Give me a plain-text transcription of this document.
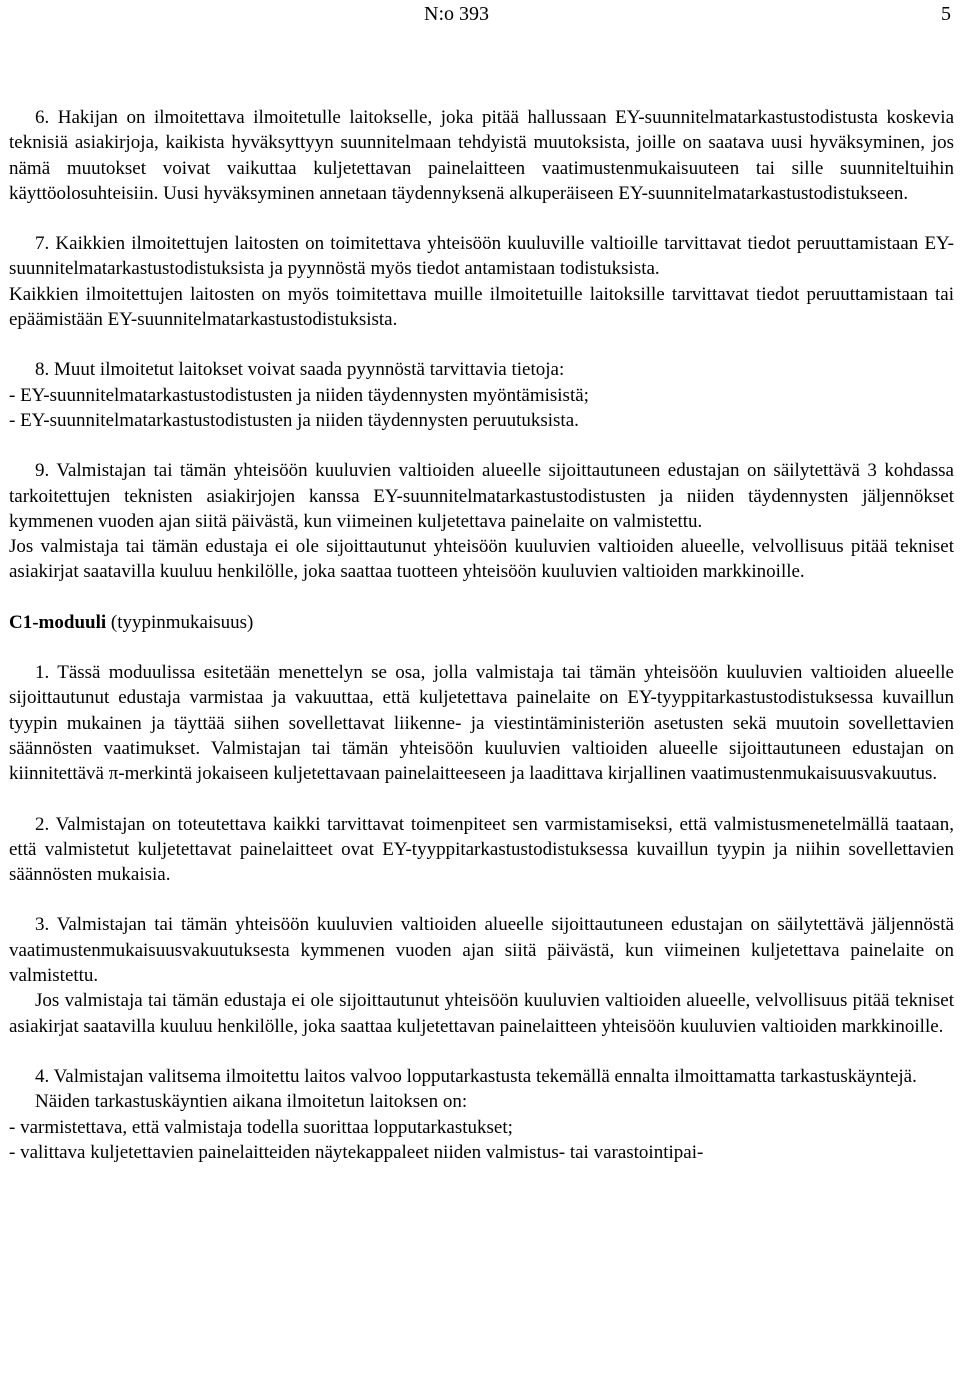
N:o 393	5

6. Hakijan on ilmoitettava ilmoitetulle laitokselle, joka pitää hallussaan EY-suunnitelmatarkastustodistusta koskevia teknisiä asiakirjoja, kaikista hyväksyttyyn suunnitelmaan tehdyistä muutoksista, joille on saatava uusi hyväksyminen, jos nämä muutokset voivat vaikuttaa kuljetettavan painelaitteen vaatimustenmukaisuuteen tai sille suunniteltuihin käyttöolosuhteisiin. Uusi hyväksyminen annetaan täydennyksenä alkuperäiseen EY-suunnitelmatarkastustodistukseen.

7. Kaikkien ilmoitettujen laitosten on toimitettava yhteisöön kuuluville valtioille tarvittavat tiedot peruuttamistaan EY-suunnitelmatarkastustodistuksista ja pyynnöstä myös tiedot antamistaan todistuksista.

Kaikkien ilmoitettujen laitosten on myös toimitettava muille ilmoitetuille laitoksille tarvittavat tiedot peruuttamistaan tai epäämistään EY-suunnitelmatarkastustodistuksista.

8. Muut ilmoitetut laitokset voivat saada pyynnöstä tarvittavia tietoja:

- EY-suunnitelmatarkastustodistusten ja niiden täydennysten myöntämisistä;

- EY-suunnitelmatarkastustodistusten ja niiden täydennysten peruutuksista.

9. Valmistajan tai tämän yhteisöön kuuluvien valtioiden alueelle sijoittautuneen edustajan on säilytettävä 3 kohdassa tarkoitettujen teknisten asiakirjojen kanssa EY-suunnitelmatarkastustodistusten ja niiden täydennysten jäljennökset kymmenen vuoden ajan siitä päivästä, kun viimeinen kuljetettava painelaite on valmistettu.

Jos valmistaja tai tämän edustaja ei ole sijoittautunut yhteisöön kuuluvien valtioiden alueelle, velvollisuus pitää tekniset asiakirjat saatavilla kuuluu henkilölle, joka saattaa tuotteen yhteisöön kuuluvien valtioiden markkinoille.

C1-moduuli (tyypinmukaisuus)

1. Tässä moduulissa esitetään menettelyn se osa, jolla valmistaja tai tämän yhteisöön kuuluvien valtioiden alueelle sijoittautunut edustaja varmistaa ja vakuuttaa, että kuljetettava painelaite on EY-tyyppitarkastustodistuksessa kuvaillun tyypin mukainen ja täyttää siihen sovellettavat liikenne- ja viestintäministeriön asetusten sekä muutoin sovellettavien säännösten vaatimukset. Valmistajan tai tämän yhteisöön kuuluvien valtioiden alueelle sijoittautuneen edustajan on kiinnitettävä π-merkintä jokaiseen kuljetettavaan painelaitteeseen ja laadittava kirjallinen vaatimustenmukaisuusvakuutus.

2. Valmistajan on toteutettava kaikki tarvittavat toimenpiteet sen varmistamiseksi, että valmistusmenetelmällä taataan, että valmistetut kuljetettavat painelaitteet ovat EY-tyyppitarkastustodistuksessa kuvaillun tyypin ja niihin sovellettavien säännösten mukaisia.

3. Valmistajan tai tämän yhteisöön kuuluvien valtioiden alueelle sijoittautuneen edustajan on säilytettävä jäljennöstä vaatimustenmukaisuusvakuutuksesta kymmenen vuoden ajan siitä päivästä, kun viimeinen kuljetettava painelaite on valmistettu.

Jos valmistaja tai tämän edustaja ei ole sijoittautunut yhteisöön kuuluvien valtioiden alueelle, velvollisuus pitää tekniset asiakirjat saatavilla kuuluu henkilölle, joka saattaa kuljetettavan painelaitteen yhteisöön kuuluvien valtioiden markkinoille.

4. Valmistajan valitsema ilmoitettu laitos valvoo lopputarkastusta tekemällä ennalta ilmoittamatta tarkastuskäyntejä.

Näiden tarkastuskäyntien aikana ilmoitetun laitoksen on:

- varmistettava, että valmistaja todella suorittaa lopputarkastukset;

- valittava kuljetettavien painelaitteiden näytekappaleet niiden valmistus- tai varastointipai-
